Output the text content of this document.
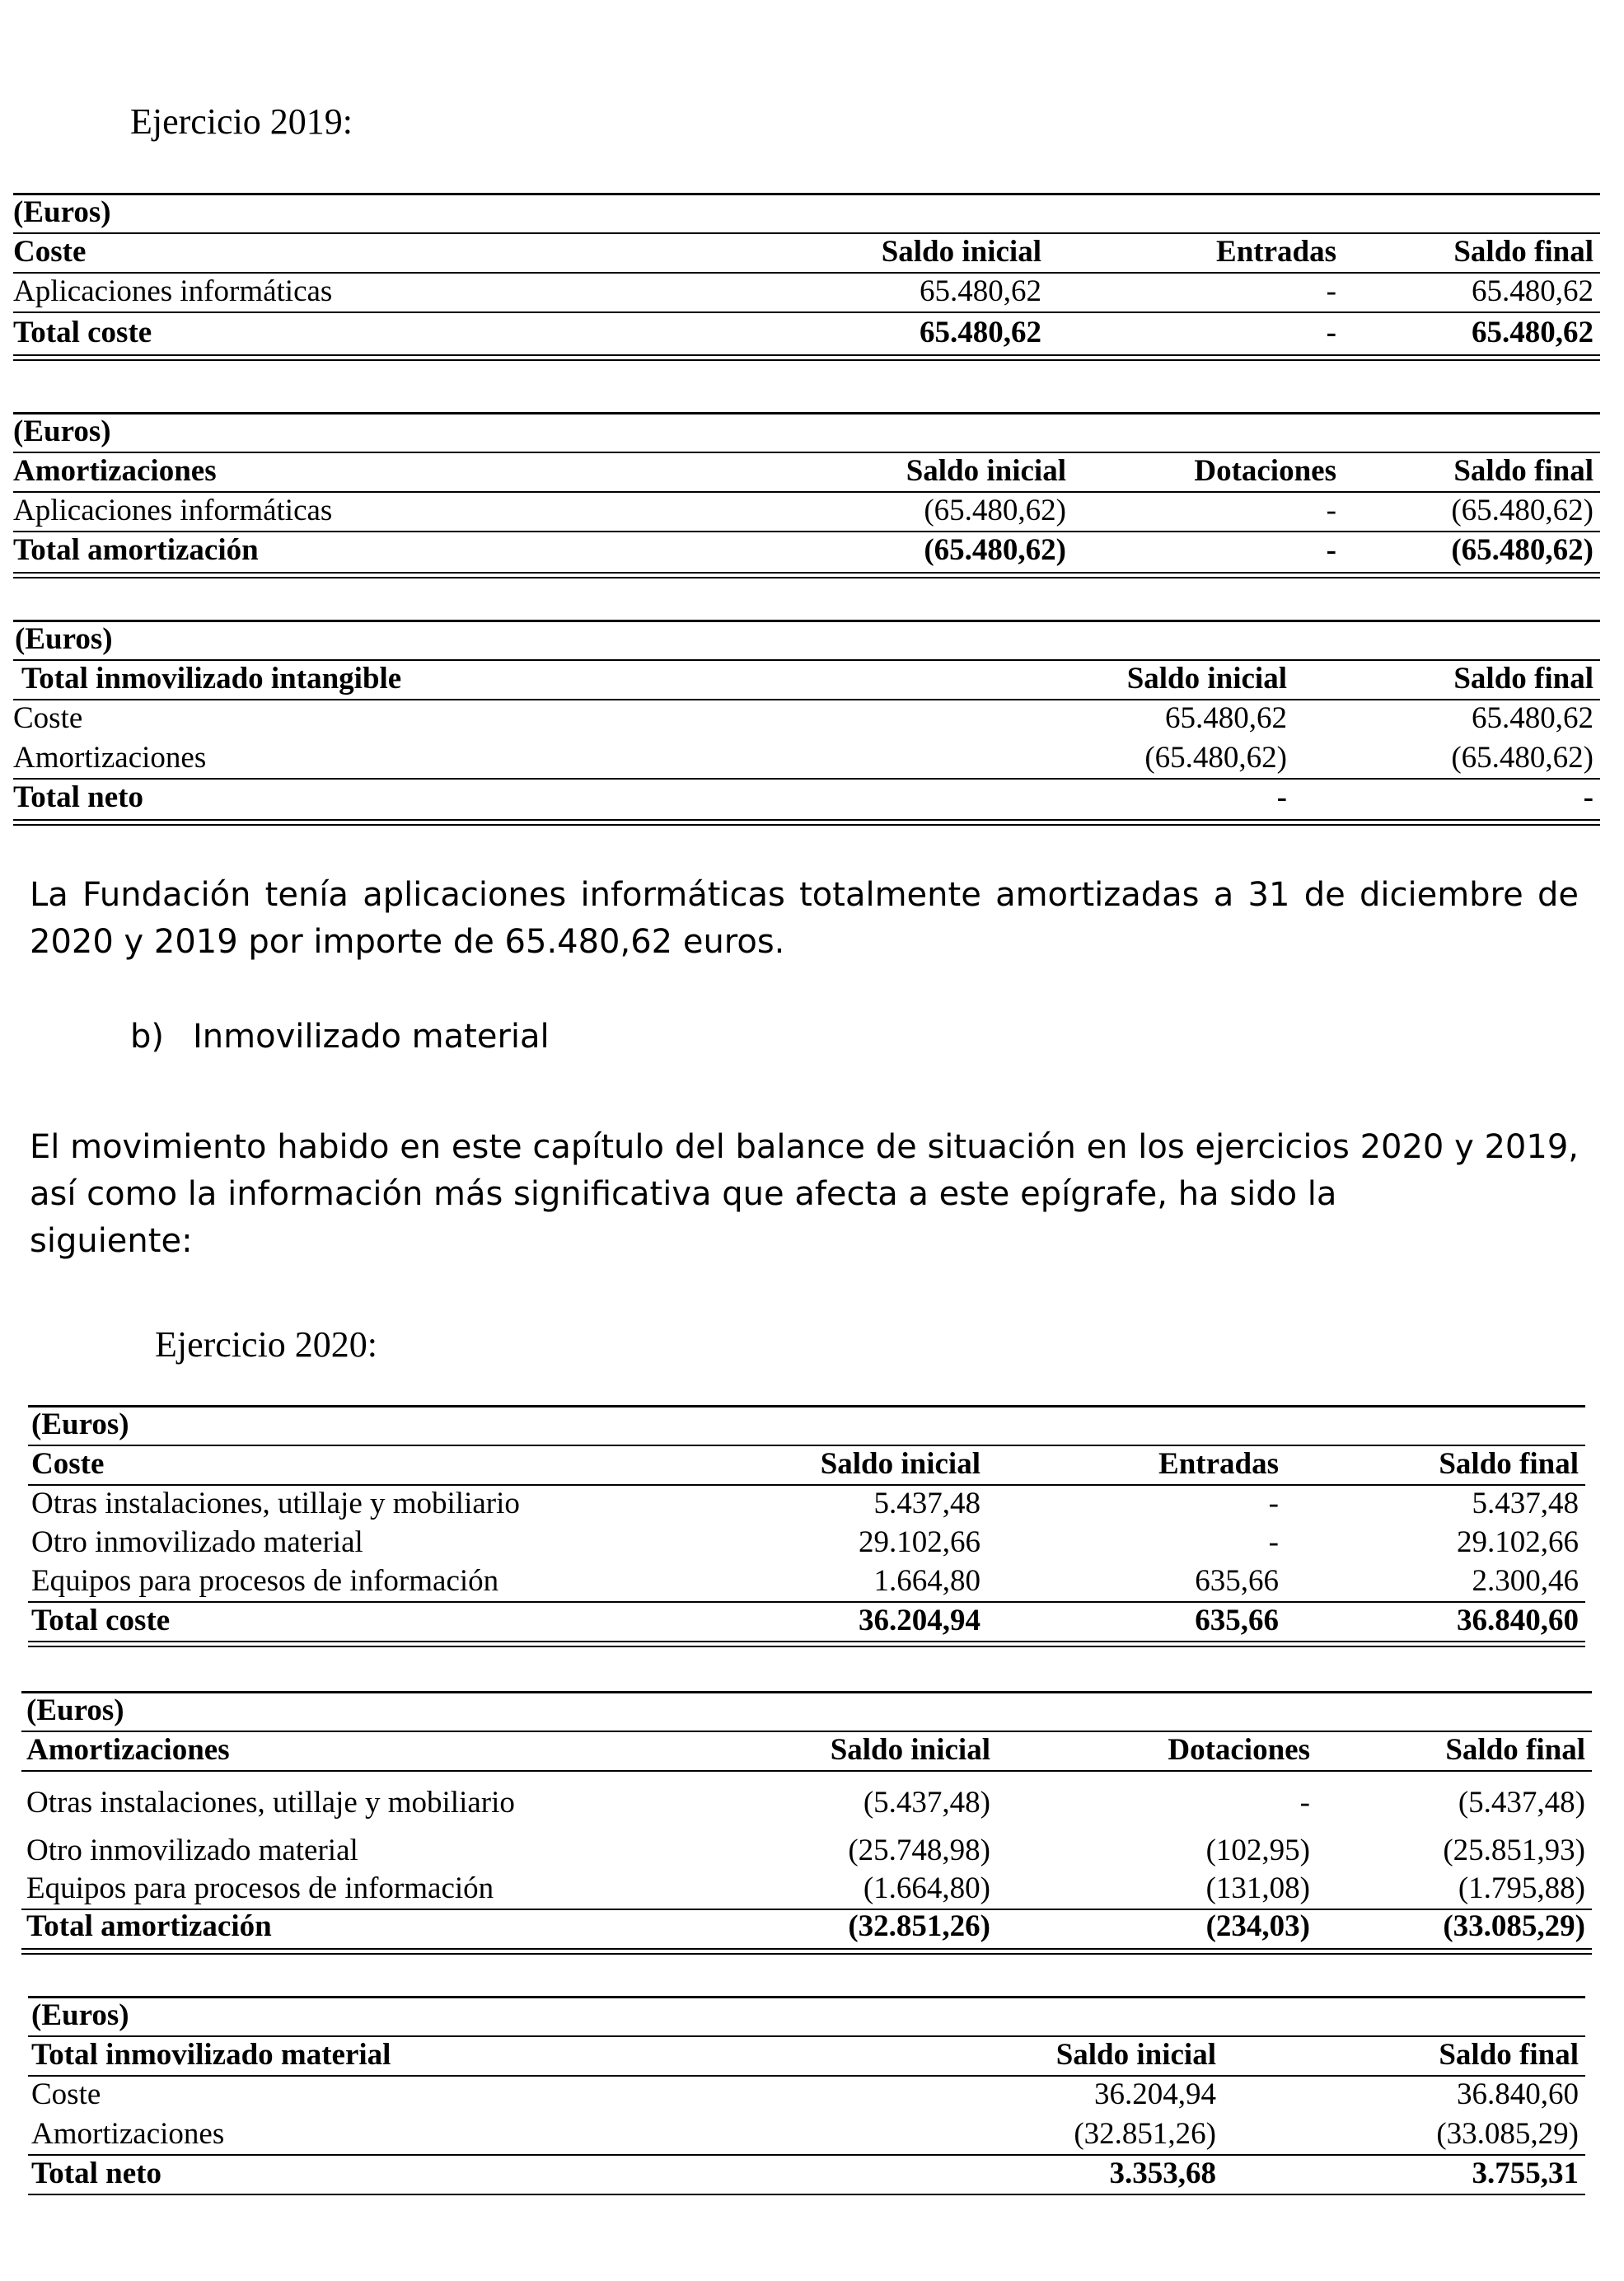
Ejercicio 2019:
(Euros)
Coste	Saldo inicial	Entradas	Saldo final
Aplicaciones informáticas	65.480,62	-	65.480,62
Total coste	65.480,62	-	65.480,62
(Euros)
Amortizaciones	Saldo inicial	Dotaciones	Saldo final
Aplicaciones informáticas	(65.480,62)	-	(65.480,62)
Total amortización	(65.480,62)	-	(65.480,62)
(Euros)
Total inmovilizado intangible	Saldo inicial	Saldo final
Coste	65.480,62	65.480,62
Amortizaciones	(65.480,62)	(65.480,62)
Total neto	-	-
La Fundación tenía aplicaciones informáticas totalmente amortizadas a 31 de diciembre de 2020 y 2019 por importe de 65.480,62 euros.
b) Inmovilizado material
El movimiento habido en este capítulo del balance de situación en los ejercicios 2020 y 2019, así como la información más significativa que afecta a este epígrafe, ha sido la
siguiente:
Ejercicio 2020:
(Euros)
Coste	Saldo inicial	Entradas	Saldo final
Otras instalaciones, utillaje y mobiliario	5.437,48	-	5.437,48
Otro inmovilizado material	29.102,66	-	29.102,66
Equipos para procesos de información	1.664,80	635,66	2.300,46
Total coste	36.204,94	635,66	36.840,60
(Euros)
Amortizaciones	Saldo inicial	Dotaciones	Saldo final
Otras instalaciones, utillaje y mobiliario	(5.437,48)	-	(5.437,48)
Otro inmovilizado material	(25.748,98)	(102,95)	(25.851,93)
Equipos para procesos de información	(1.664,80)	(131,08)	(1.795,88)
Total amortización	(32.851,26)	(234,03)	(33.085,29)
(Euros)
Total inmovilizado material	Saldo inicial	Saldo final
Coste	36.204,94	36.840,60
Amortizaciones	(32.851,26)	(33.085,29)
Total neto	3.353,68	3.755,31
